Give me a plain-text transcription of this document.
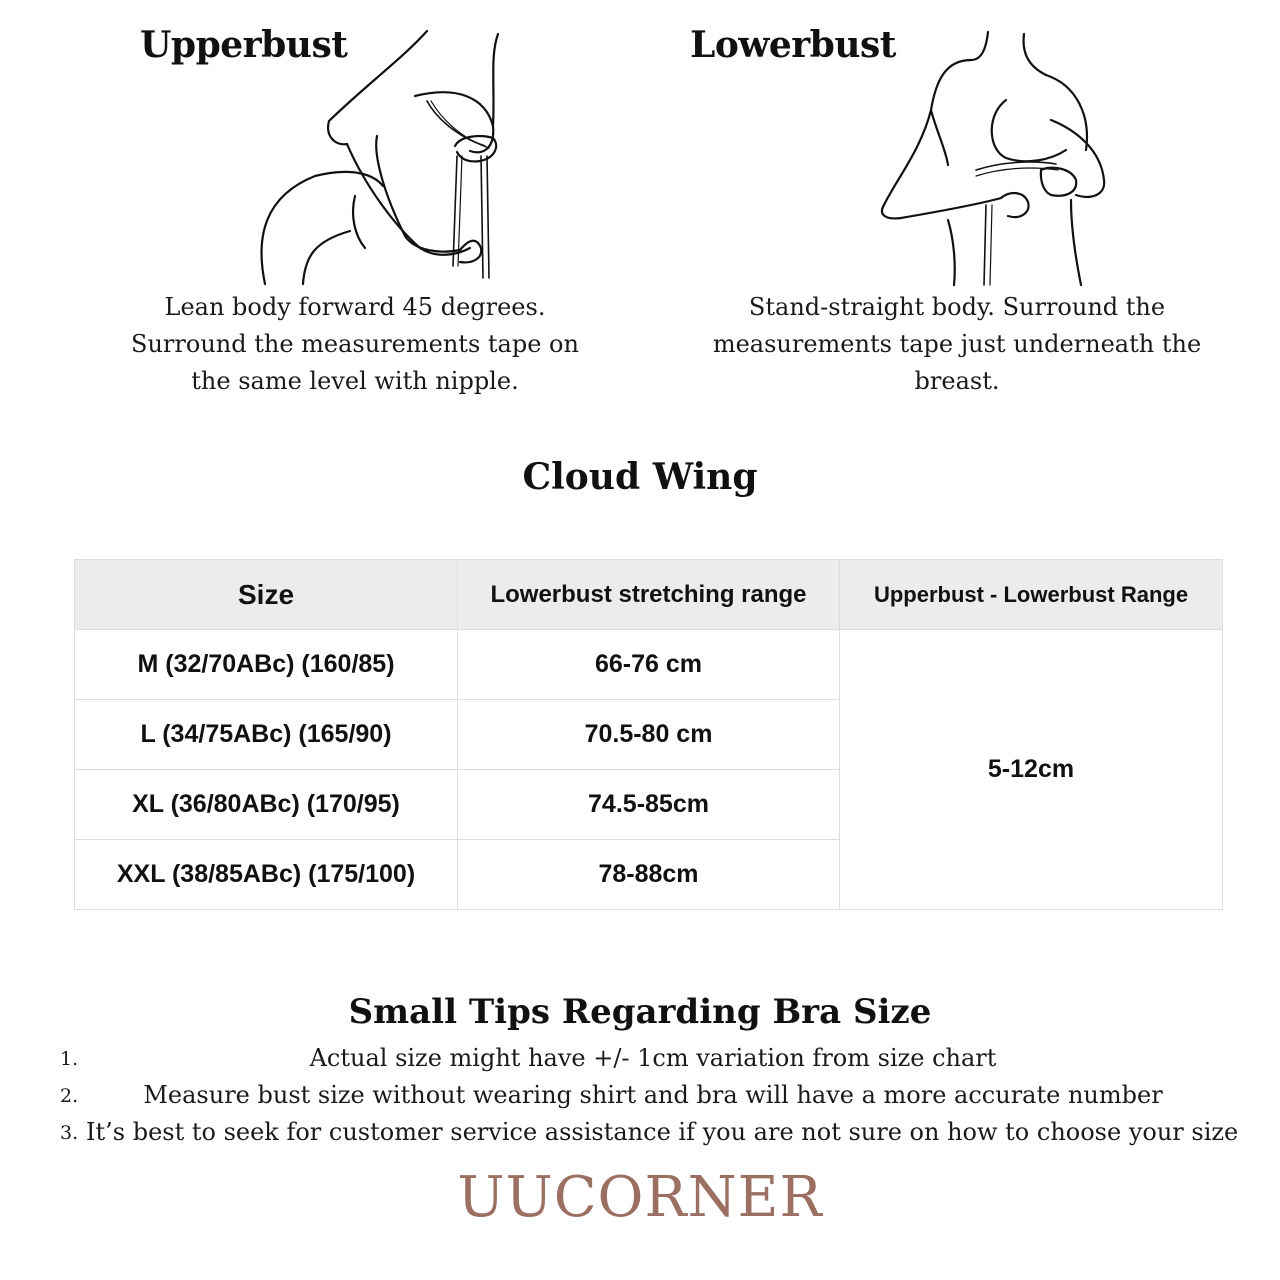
Upperbust
Lean body forward 45 degrees.
Surround the measurements tape on
the same level with nipple.
Lowerbust
Stand-straight body. Surround the
measurements tape just underneath the
breast.
Cloud Wing
Size	Lowerbust stretching range	Upperbust - Lowerbust Range
M (32/70ABc) (160/85)	66-76 cm	5-12cm
L (34/75ABc) (165/90)	70.5-80 cm	
XL (36/80ABc) (170/95)	74.5-85cm	
XXL (38/85ABc) (175/100)	78-88cm	
Small Tips Regarding Bra Size
1.	Actual size might have +/- 1cm variation from size chart
2.	Measure bust size without wearing shirt and bra will have a more accurate number
3. It’s best to seek for customer service assistance if you are not sure on how to choose your size
UUCORNER
